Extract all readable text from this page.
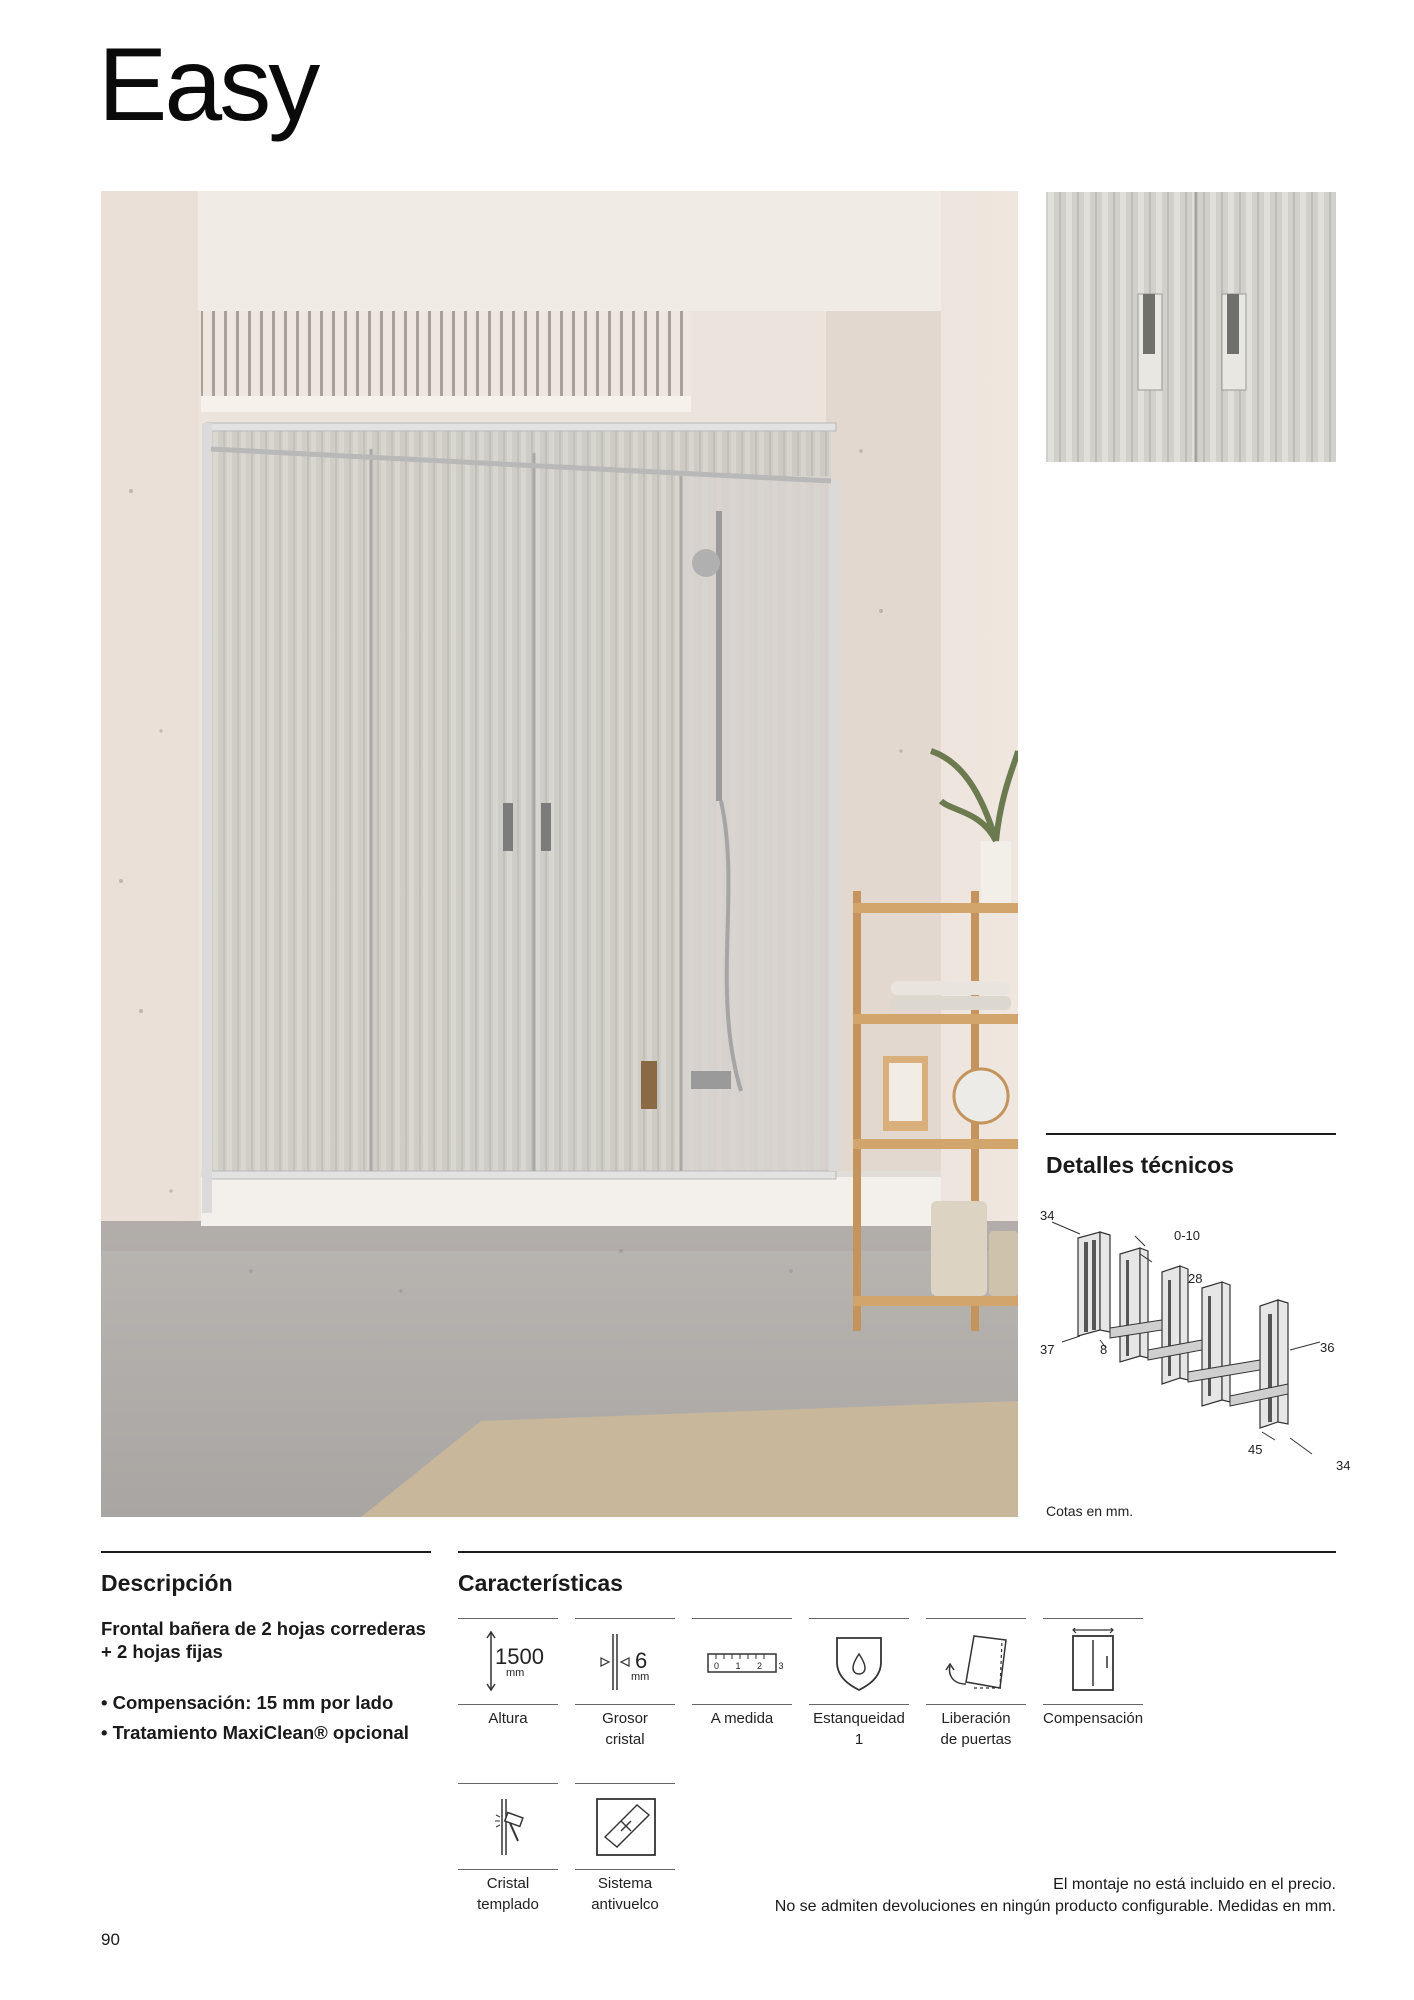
Easy
Detalles técnicos
34
0-10
28
37	8	36
45
34
Cotas en mm.
Descripción
Frontal bañera de 2 hojas correderas
+ 2 hojas fijas
• Compensación: 15 mm por lado
• Tratamiento MaxiClean® opcional
Características
1500
mm
Altura
6
mm
Grosor
cristal
0 1 2 3
A medida	Estanqueidad
1
Liberación
de puertas
Compensación
Cristal
templado
Sistema
antivuelco
El montaje no está incluido en el precio.
No se admiten devoluciones en ningún producto configurable. Medidas en mm.
90
